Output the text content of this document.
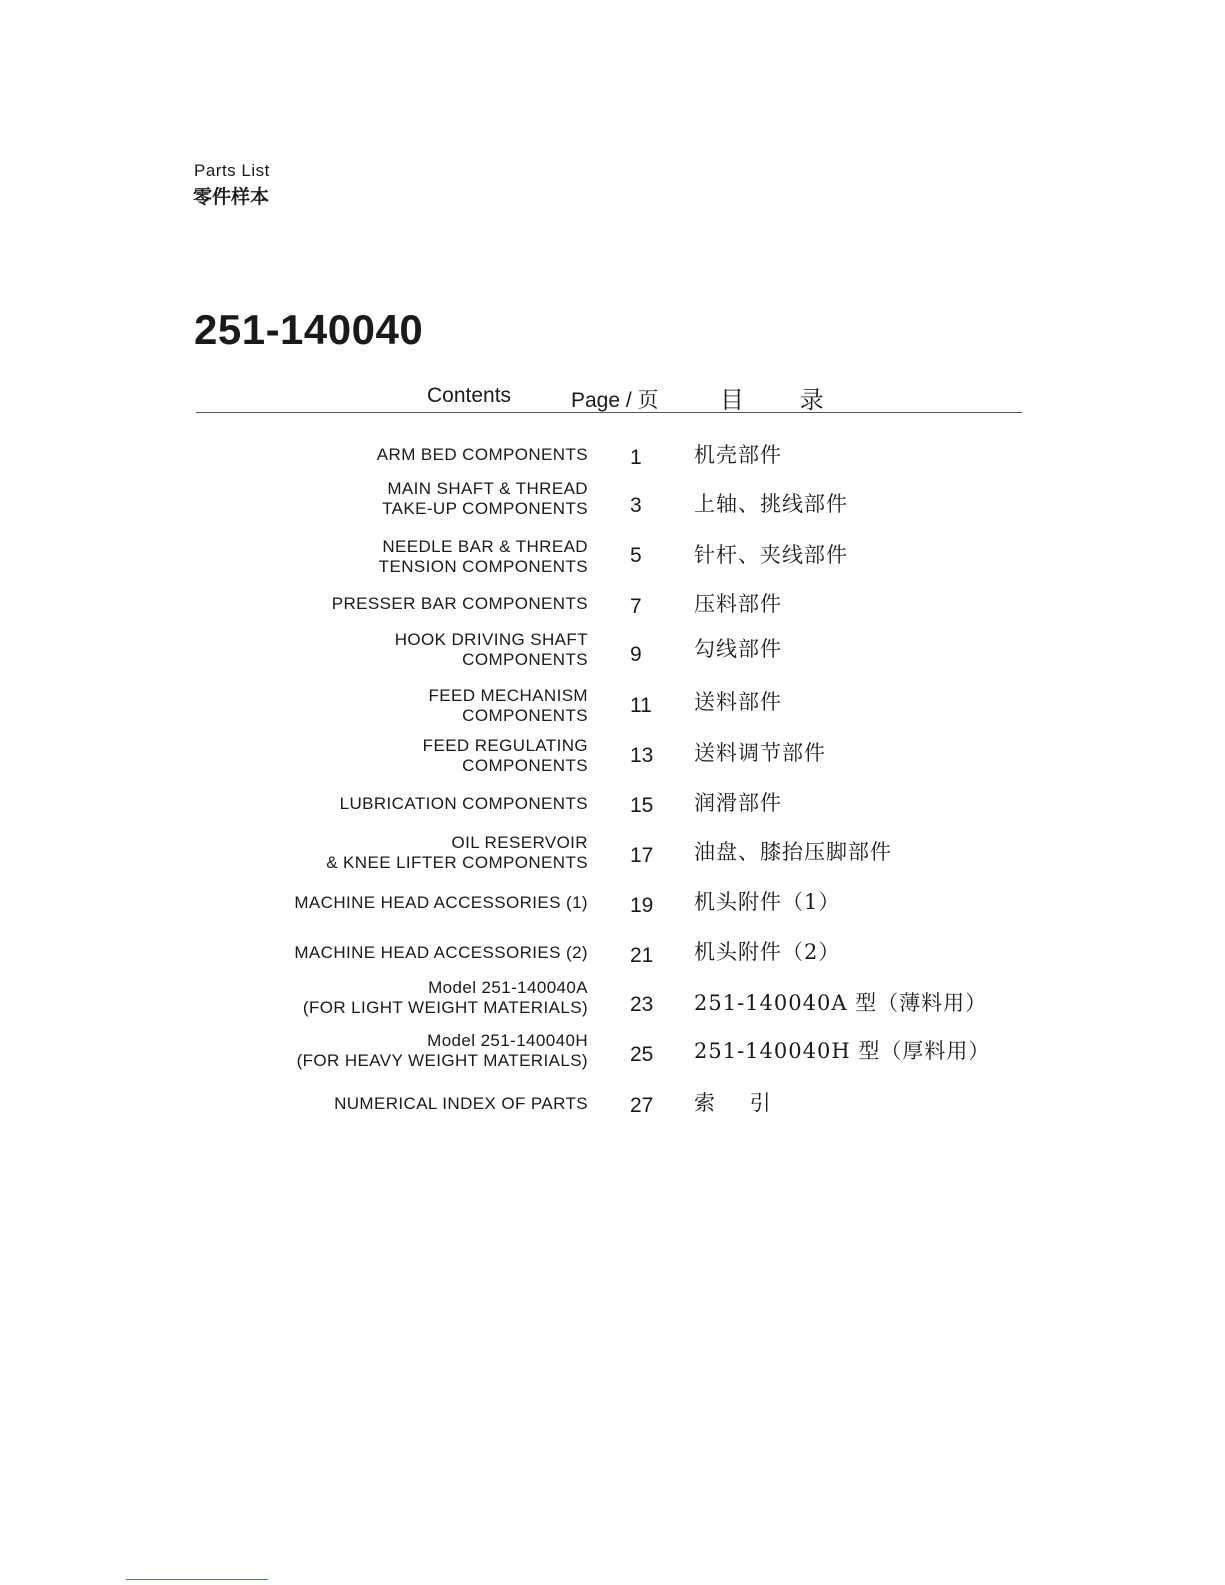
Parts List
零件样本
251-140040
Contents	Page / 页	目 录
ARM BED COMPONENTS 1 机壳部件
MAIN SHAFT & THREAD
TAKE-UP COMPONENTS 3 上轴、挑线部件
NEEDLE BAR & THREAD
TENSION COMPONENTS 5 针杆、夹线部件
PRESSER BAR COMPONENTS 7 压料部件
HOOK DRIVING SHAFT
COMPONENTS 9 勾线部件
FEED MECHANISM
COMPONENTS 11 送料部件
FEED REGULATING
COMPONENTS 13 送料调节部件
LUBRICATION COMPONENTS 15 润滑部件
OIL RESERVOIR
& KNEE LIFTER COMPONENTS 17 油盘、膝抬压脚部件
MACHINE HEAD ACCESSORIES (1) 19 机头附件（1）
MACHINE HEAD ACCESSORIES (2) 21 机头附件（2）
Model 251-140040A
(FOR LIGHT WEIGHT MATERIALS) 23 251-140040A 型（薄料用）
Model 251-140040H
(FOR HEAVY WEIGHT MATERIALS) 25 251-140040H 型（厚料用）
NUMERICAL INDEX OF PARTS 27 索 引
